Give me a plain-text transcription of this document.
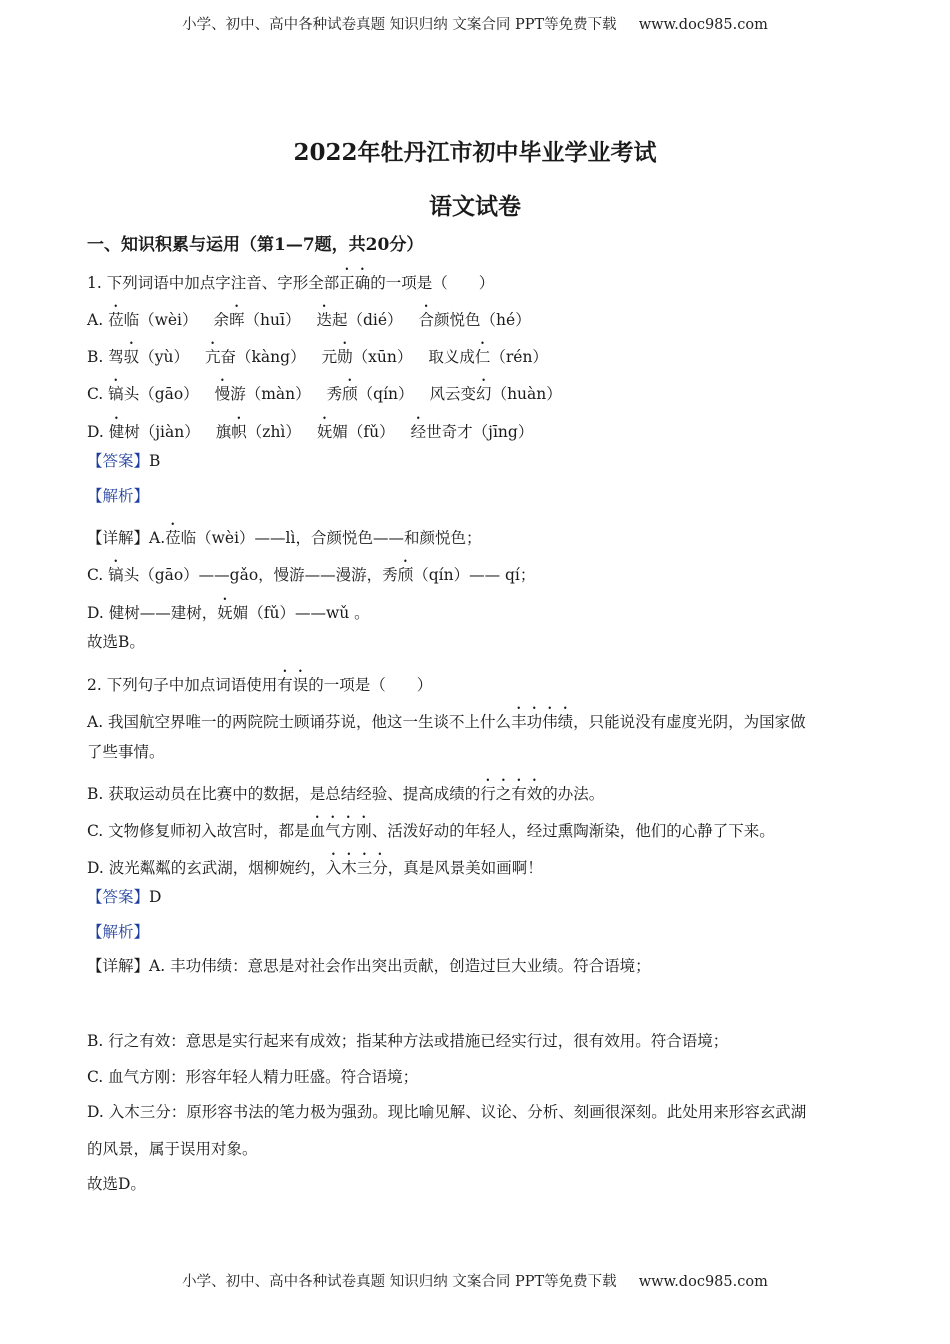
小学、初中、高中各种试卷真题 知识归纳 文案合同 PPT等免费下载 www.doc985.com
2022年牡丹江市初中毕业学业考试
语文试卷
一、知识积累与运用（第1—7题，共20分）
1. 下列词语中加点字注音、字形全部正确的一项是（　　）
A. 莅临（wèi） 余晖（huī） 迭起（dié） 合颜悦色（hé）
B. 驾驭（yù） 亢奋（kàng） 元勋（xūn） 取义成仁（rén）
C. 镐头（gāo） 慢游（màn） 秀颀（qín） 风云变幻（huàn）
D. 健树（jiàn） 旗帜（zhì） 妩媚（fǔ） 经世奇才（jīng）
【答案】B
【解析】
【详解】A.莅临（wèi）——lì，合颜悦色——和颜悦色；
C. 镐头（gāo）——gǎo，慢游——漫游，秀颀（qín）—— qí；
D. 健树——建树，妩媚（fǔ）——wǔ 。
故选B。
2. 下列句子中加点词语使用有误的一项是（　　）
A. 我国航空界唯一的两院院士顾诵芬说，他这一生谈不上什么丰功伟绩，只能说没有虚度光阴，为国家做
了些事情。
B. 获取运动员在比赛中的数据，是总结经验、提高成绩的行之有效的办法。
C. 文物修复师初入故宫时，都是血气方刚、活泼好动的年轻人，经过熏陶渐染，他们的心静了下来。
D. 波光粼粼的玄武湖，烟柳婉约，入木三分，真是风景美如画啊！
【答案】D
【解析】
【详解】A. 丰功伟绩：意思是对社会作出突出贡献，创造过巨大业绩。符合语境；
B. 行之有效：意思是实行起来有成效；指某种方法或措施已经实行过，很有效用。符合语境；
C. 血气方刚：形容年轻人精力旺盛。符合语境；
D. 入木三分：原形容书法的笔力极为强劲。现比喻见解、议论、分析、刻画很深刻。此处用来形容玄武湖
的风景，属于误用对象。
故选D。
小学、初中、高中各种试卷真题 知识归纳 文案合同 PPT等免费下载 www.doc985.com
